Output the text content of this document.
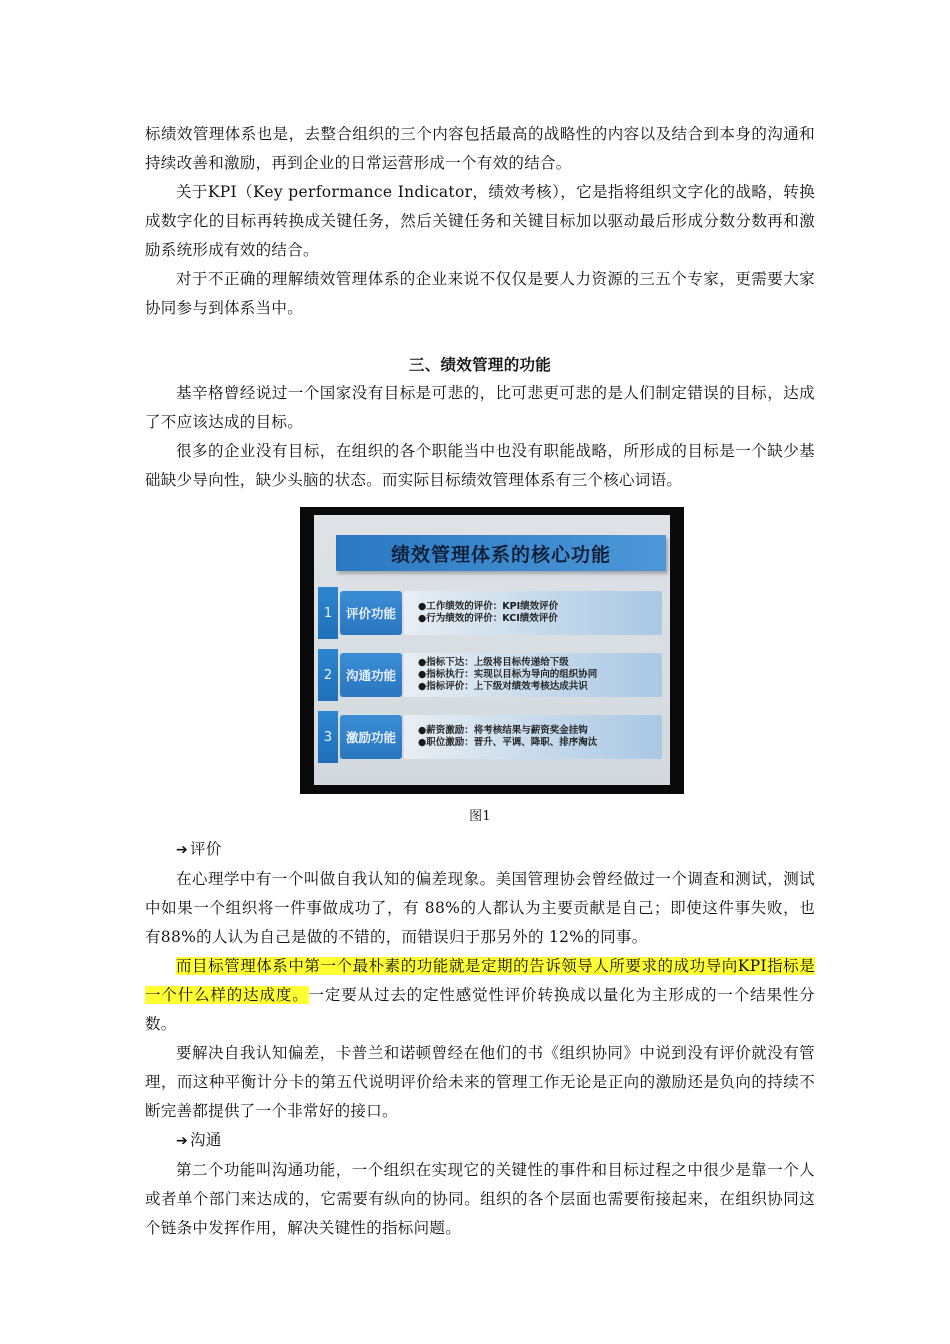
标绩效管理体系也是，去整合组织的三个内容包括最高的战略性的内容以及结合到本身的沟通和持续改善和激励，再到企业的日常运营形成一个有效的结合。

关于KPI（Key performance Indicator，绩效考核），它是指将组织文字化的战略，转换成数字化的目标再转换成关键任务，然后关键任务和关键目标加以驱动最后形成分数分数再和激励系统形成有效的结合。

对于不正确的理解绩效管理体系的企业来说不仅仅是要人力资源的三五个专家，更需要大家协同参与到体系当中。

三、绩效管理的功能

基辛格曾经说过一个国家没有目标是可悲的，比可悲更可悲的是人们制定错误的目标，达成了不应该达成的目标。

很多的企业没有目标，在组织的各个职能当中也没有职能战略，所形成的目标是一个缺少基础缺少导向性，缺少头脑的状态。而实际目标绩效管理体系有三个核心词语。

绩效管理体系的核心功能
1	评价功能	●工作绩效的评价：KPI绩效评价
●行为绩效的评价：KCI绩效评价
2	沟通功能
●指标下达：上级将目标传递给下级
●指标执行：实现以目标为导向的组织协同
●指标评价：上下级对绩效考核达成共识
3	激励功能	●薪资激励：将考核结果与薪资奖金挂钩
●职位激励：晋升、平调、降职、排序淘汰

图1

➔ 评价

在心理学中有一个叫做自我认知的偏差现象。美国管理协会曾经做过一个调查和测试，测试中如果一个组织将一件事做成功了，有 88%的人都认为主要贡献是自己；即使这件事失败，也有88%的人认为自己是做的不错的，而错误归于那另外的 12%的同事。

而目标管理体系中第一个最朴素的功能就是定期的告诉领导人所要求的成功导向KPI指标是一个什么样的达成度。一定要从过去的定性感觉性评价转换成以量化为主形成的一个结果性分数。

要解决自我认知偏差，卡普兰和诺顿曾经在他们的书《组织协同》中说到没有评价就没有管理，而这种平衡计分卡的第五代说明评价给未来的管理工作无论是正向的激励还是负向的持续不断完善都提供了一个非常好的接口。

➔ 沟通

第二个功能叫沟通功能，一个组织在实现它的关键性的事件和目标过程之中很少是靠一个人或者单个部门来达成的，它需要有纵向的协同。组织的各个层面也需要衔接起来，在组织协同这个链条中发挥作用，解决关键性的指标问题。
